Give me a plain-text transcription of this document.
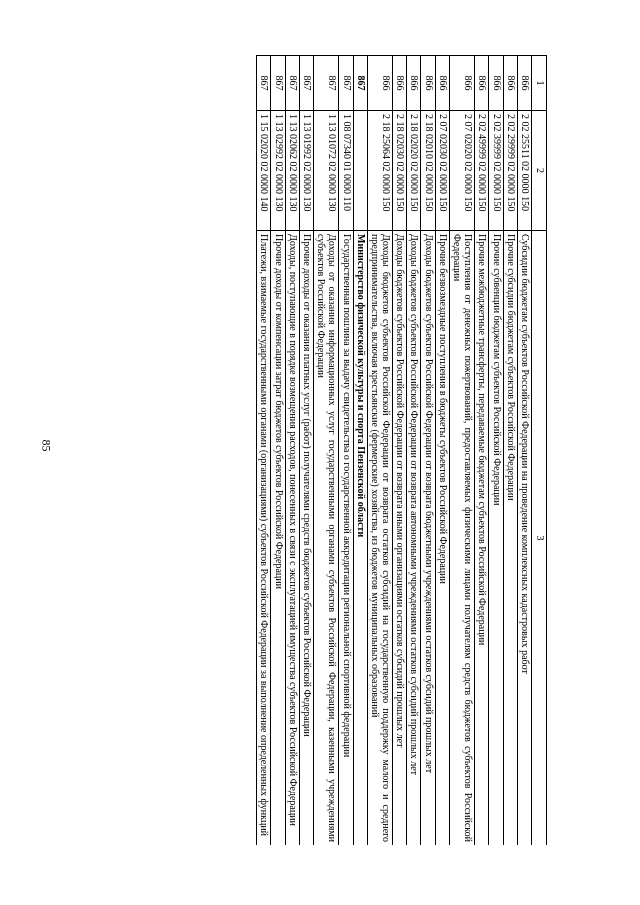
85
1	2	3
866	2 02 25511 02 0000 150	Субсидии бюджетам субъектов Российской Федерации на проведение комплексных кадастровых работ
866	2 02 29999 02 0000 150	Прочие субсидии бюджетам субъектов Российской Федерации
866	2 02 39999 02 0000 150	Прочие субвенции бюджетам субъектов Российской Федерации
866	2 02 49999 02 0000 150	Прочие межбюджетные трансферты, передаваемые бюджетам субъектов Российской Федерации
866	2 07 02020 02 0000 150	Поступления от денежных пожертвований, предоставляемых физическими лицами получателям средств бюджетов субъектов Российской Федерации
866	2 07 02030 02 0000 150	Прочие безвозмездные поступления в бюджеты субъектов Российской Федерации
866	2 18 02010 02 0000 150	Доходы бюджетов субъектов Российской Федерации от возврата бюджетными учреждениями остатков субсидий прошлых лет
866	2 18 02020 02 0000 150	Доходы бюджетов субъектов Российской Федерации от возврата автономными учреждениями остатков субсидий прошлых лет
866	2 18 02030 02 0000 150	Доходы бюджетов субъектов Российской Федерации от возврата иными организациями остатков субсидий прошлых лет
866	2 18 25064 02 0000 150	Доходы бюджетов субъектов Российской Федерации от возврата остатков субсидий на государственную поддержку малого и среднего предпринимательства, включая крестьянские (фермерские) хозяйства, из бюджетов муниципальных образований
867		Министерство физической культуры и спорта Пензенской области
867	1 08 07340 01 0000 110	Государственная пошлина за выдачу свидетельства о государственной аккредитации региональной спортивной федерации
867	1 13 01072 02 0000 130	Доходы от оказания информационных услуг государственными органами субъектов Российской Федерации, казенными учреждениями субъектов Российской Федерации
867	1 13 01992 02 0000 130	Прочие доходы от оказания платных услуг (работ) получателями средств бюджетов субъектов Российской Федерации
867	1 13 02062 02 0000 130	Доходы, поступающие в порядке возмещения расходов, понесенных в связи с эксплуатацией имущества субъектов Российской Федерации
867	1 13 02992 02 0000 130	Прочие доходы от компенсации затрат бюджетов субъектов Российской Федерации
867	1 15 02020 02 0000 140	Платежи, взимаемые государственными органами (организациями) субъектов Российской Федерации за выполнение определенных функций
